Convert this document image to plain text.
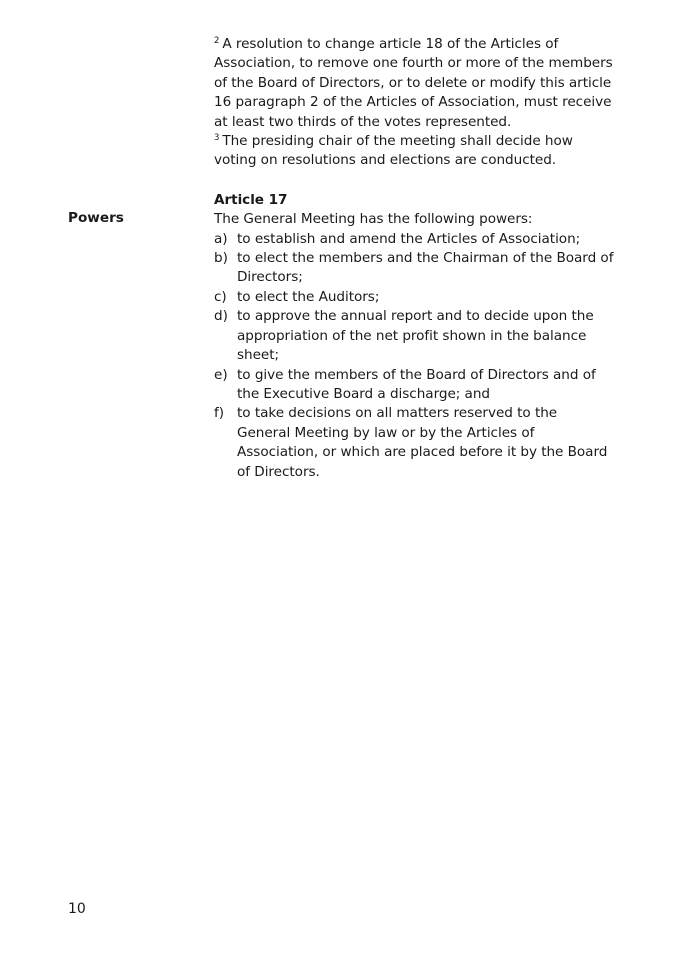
$^2$ A resolution to change article 18 of the Articles of Association, to remove one fourth or more of the members of the Board of Directors, or to delete or modify this article 16 paragraph 2 of the Articles of Association, must receive at least two thirds of the votes represented.

$^3$ The presiding chair of the meeting shall decide how voting on resolutions and elections are conducted.

Article 17

The General Meeting has the following powers:

a) to establish and amend the Articles of Association;
b) to elect the members and the Chairman of the Board of Directors;
c) to elect the Auditors;
d) to approve the annual report and to decide upon the appropriation of the net profit shown in the balance sheet;
e) to give the members of the Board of Directors and of the Executive Board a discharge; and
f) to take decisions on all matters reserved to the General Meeting by law or by the Articles of Association, or which are placed before it by the Board of Directors.
Powers
10
